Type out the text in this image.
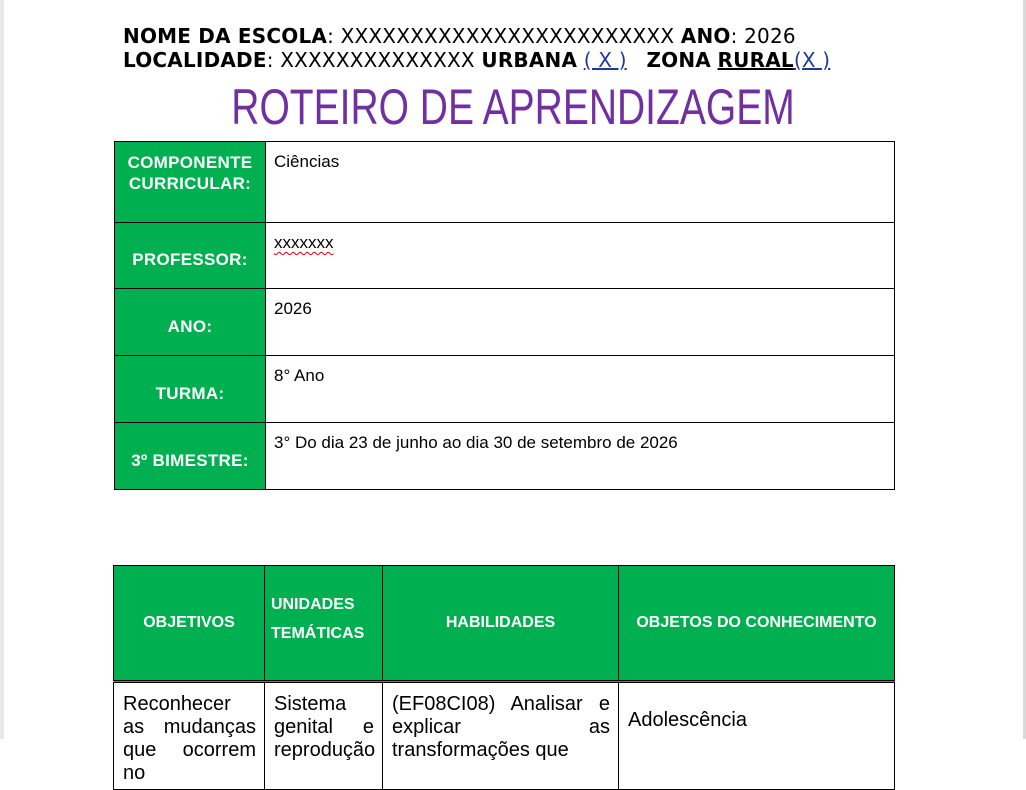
NOME DA ESCOLA: XXXXXXXXXXXXXXXXXXXXXXXX ANO: 2026
LOCALIDADE: XXXXXXXXXXXXXX URBANA ( X ) ZONA RURAL(X )
ROTEIRO DE APRENDIZAGEM
COMPONENTE CURRICULAR:	Ciências
PROFESSOR:	xxxxxxx
ANO:	2026
TURMA:	8° Ano
3º BIMESTRE:	3° Do dia 23 de junho ao dia 30 de setembro de 2026
OBJETIVOS	UNIDADES TEMÁTICAS	HABILIDADES	OBJETOS DO CONHECIMENTO
Reconhecer as mudanças que ocorrem no	Sistema genital e reprodução	(EF08CI08) Analisar e explicar as transformações que	Adolescência
